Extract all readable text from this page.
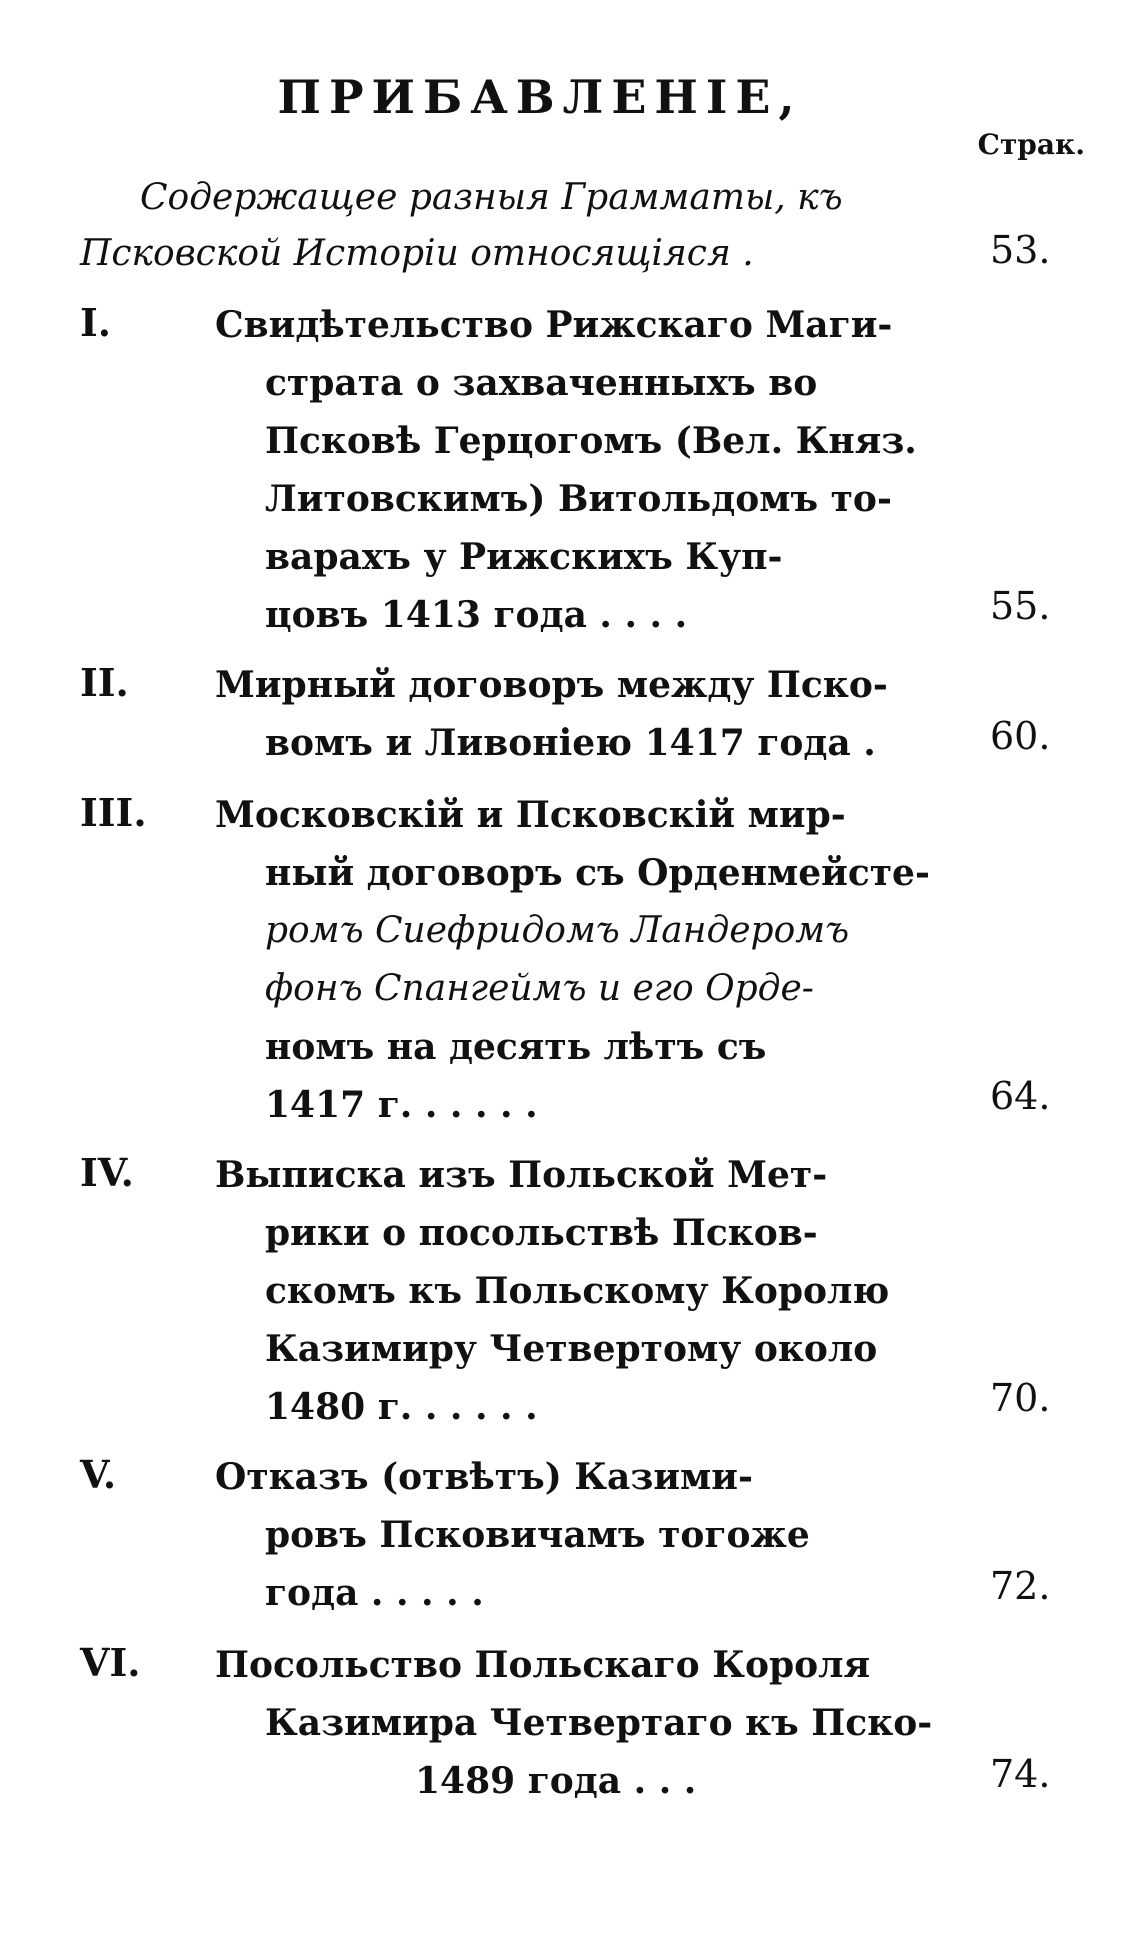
ПРИБАВЛЕНІЕ,
Страк.
Содержащее разныя Грамматы, къ
Псковской Исторіи относящіяся .	53.
I.	Свидѣтельство Рижскаго Маги-
страта о захваченныхъ во
Псковѣ Герцогомъ (Вел. Княз.
Литовскимъ) Витольдомъ то-
варахъ у Рижскихъ Куп-
цовъ 1413 года . . . .	55.
II. Мирный договоръ между Пско-
вомъ и Ливоніею 1417 года .	60.
III. Московскій и Псковскій мир-
ный договоръ съ Орденмейсте-
ромъ Сиефридомъ Ландеромъ
фонъ Спангеймъ и его Орде-
номъ на десять лѣтъ съ
1417 г. . . . . .	64.
IV. Выписка изъ Польской Мет-
рики о посольствѣ Псков-
скомъ къ Польскому Королю
Казимиру Четвертому около
1480 г. . . . . .	70.
V.	Отказъ (отвѣтъ) Казими-
ровъ Псковичамъ тогоже
года . . . . .	72.
VI. Посольство Польскаго Короля
Казимира Четвертаго къ Пско-
1489 года . . .	74.
